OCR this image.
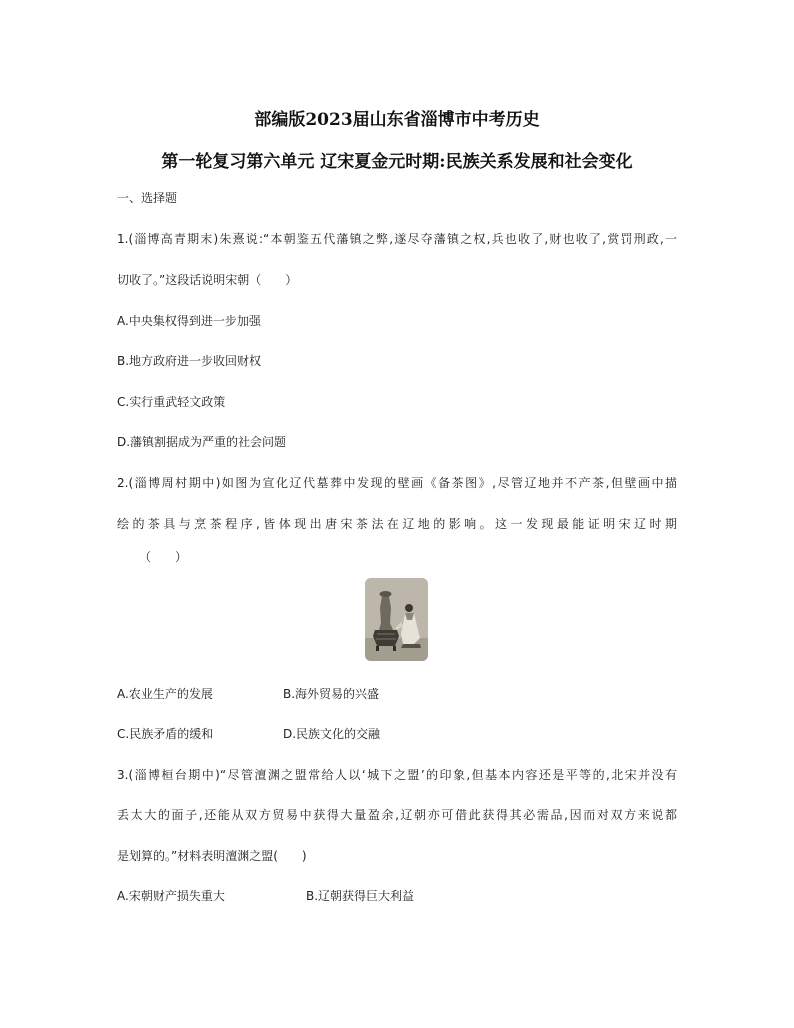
部编版2023届山东省淄博市中考历史
第一轮复习第六单元 辽宋夏金元时期:民族关系发展和社会变化
一、选择题
1.(淄博高青期末)朱熹说:“本朝鉴五代藩镇之弊,遂尽夺藩镇之权,兵也收了,财也收了,赏罚刑政,一
切收了。”这段话说明宋朝（　　）
A.中央集权得到进一步加强
B.地方政府进一步收回财权
C.实行重武轻文政策
D.藩镇割据成为严重的社会问题
2.(淄博周村期中)如图为宣化辽代墓葬中发现的壁画《备茶图》,尽管辽地并不产茶,但壁画中描
绘的茶具与烹茶程序,皆体现出唐宋茶法在辽地的影响。这一发现最能证明宋辽时期
（　　）
A.农业生产的发展	B.海外贸易的兴盛
C.民族矛盾的缓和	D.民族文化的交融
3.(淄博桓台期中)“尽管澶渊之盟常给人以‘城下之盟’的印象,但基本内容还是平等的,北宋并没有
丢太大的面子,还能从双方贸易中获得大量盈余,辽朝亦可借此获得其必需品,因而对双方来说都
是划算的。”材料表明澶渊之盟(　　)
A.宋朝财产损失重大	B.辽朝获得巨大利益
